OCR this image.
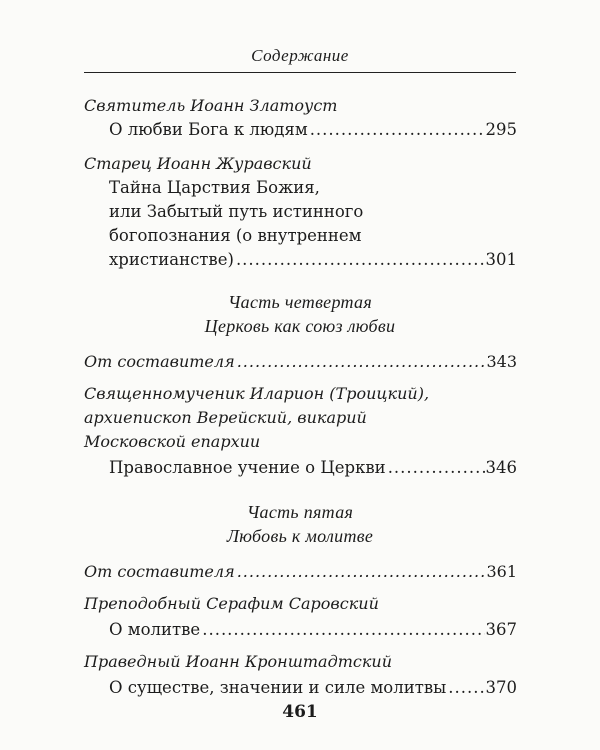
Содержание
Святитель Иоанн Златоуст
О любви Бога к людям .....	295
Старец Иоанн Журавский
Тайна Царствия Божия,
или Забытый путь истинного
богопознания (о внутреннем
христианстве) .....	301
Часть четвертая
Церковь как союз любви
От составителя .....	343
Священномученик Иларион (Троицкий),
архиепископ Верейский, викарий
Московской епархии
Православное учение о Церкви .....	346
Часть пятая
Любовь к молитве
От составителя .....	361
Преподобный Серафим Саровский
О молитве .....	367
Праведный Иоанн Кронштадтский
О существе, значении и силе молитвы ..... 370
461
